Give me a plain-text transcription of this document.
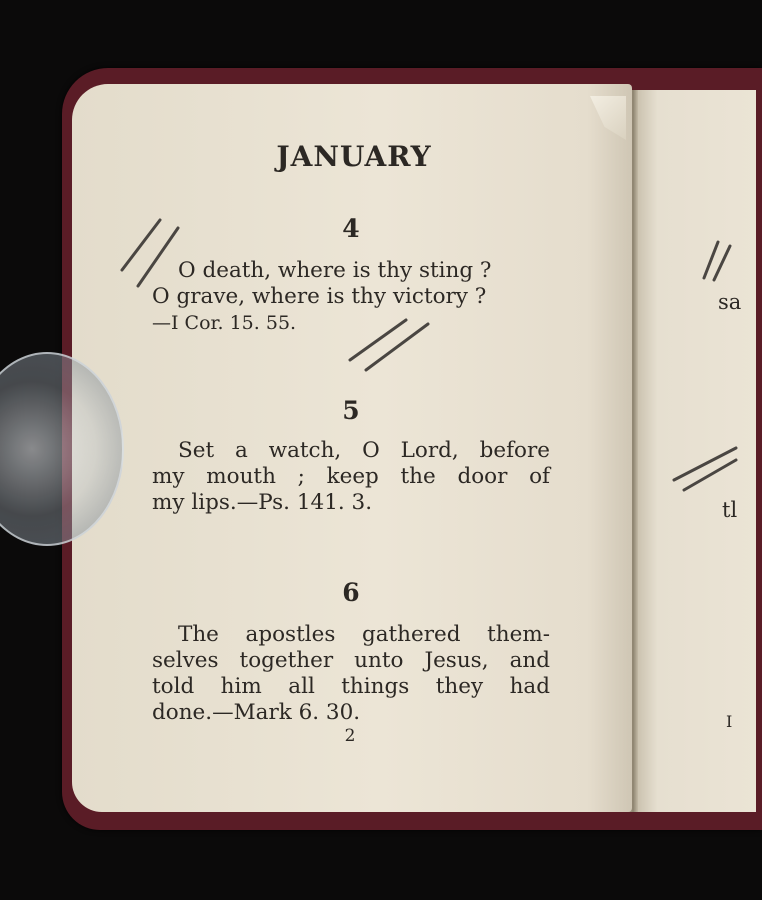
JANUARY
4
O death, where is thy sting ?
O grave, where is thy victory ?
—I Cor. 15. 55.
5
Set a watch, O Lord, before
my mouth ; keep the door of
my lips.—Ps. 141. 3.
6
The apostles gathered them-
selves together unto Jesus, and
told him all things they had
done.—Mark 6. 30.
2
sa
tl
I
